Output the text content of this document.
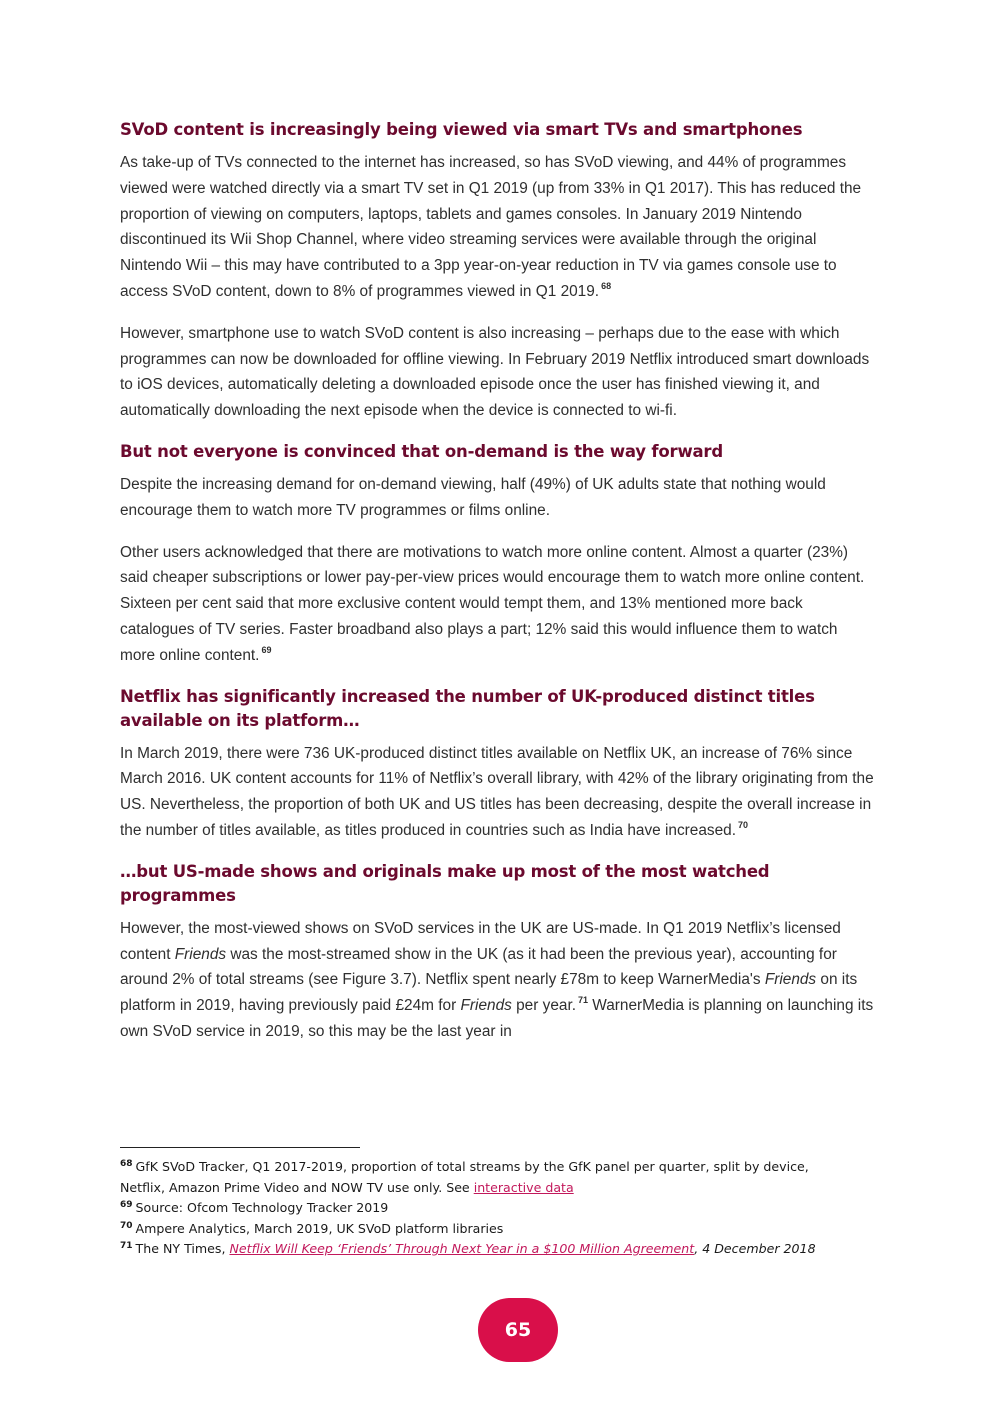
SVoD content is increasingly being viewed via smart TVs and smartphones

As take-up of TVs connected to the internet has increased, so has SVoD viewing, and 44% of programmes viewed were watched directly via a smart TV set in Q1 2019 (up from 33% in Q1 2017). This has reduced the proportion of viewing on computers, laptops, tablets and games consoles. In January 2019 Nintendo discontinued its Wii Shop Channel, where video streaming services were available through the original Nintendo Wii – this may have contributed to a 3pp year-on-year reduction in TV via games console use to access SVoD content, down to 8% of programmes viewed in Q1 2019. $^{68}$

However, smartphone use to watch SVoD content is also increasing – perhaps due to the ease with which programmes can now be downloaded for offline viewing. In February 2019 Netflix introduced smart downloads to iOS devices, automatically deleting a downloaded episode once the user has finished viewing it, and automatically downloading the next episode when the device is connected to wi-fi.

But not everyone is convinced that on-demand is the way forward

Despite the increasing demand for on-demand viewing, half (49%) of UK adults state that nothing would encourage them to watch more TV programmes or films online.

Other users acknowledged that there are motivations to watch more online content. Almost a quarter (23%) said cheaper subscriptions or lower pay-per-view prices would encourage them to watch more online content. Sixteen per cent said that more exclusive content would tempt them, and 13% mentioned more back catalogues of TV series. Faster broadband also plays a part; 12% said this would influence them to watch more online content. $^{69}$

Netflix has significantly increased the number of UK-produced distinct titles available on its platform…

In March 2019, there were 736 UK-produced distinct titles available on Netflix UK, an increase of 76% since March 2016. UK content accounts for 11% of Netflix’s overall library, with 42% of the library originating from the US. Nevertheless, the proportion of both UK and US titles has been decreasing, despite the overall increase in the number of titles available, as titles produced in countries such as India have increased. $^{70}$

…but US-made shows and originals make up most of the most watched programmes

However, the most-viewed shows on SVoD services in the UK are US-made. In Q1 2019 Netflix’s licensed content Friends was the most-streamed show in the UK (as it had been the previous year), accounting for around 2% of total streams (see Figure 3.7). Netflix spent nearly £78m to keep WarnerMedia's Friends on its platform in 2019, having previously paid £24m for Friends per year. $^{71}$ WarnerMedia is planning on launching its own SVoD service in 2019, so this may be the last year in

$^{68}$ GfK SVoD Tracker, Q1 2017-2019, proportion of total streams by the GfK panel per quarter, split by device,
Netflix, Amazon Prime Video and NOW TV use only. See interactive data
$^{69}$ Source: Ofcom Technology Tracker 2019
$^{70}$ Ampere Analytics, March 2019, UK SVoD platform libraries
$^{71}$ The NY Times, Netflix Will Keep ‘Friends’ Through Next Year in a $100 Million Agreement, 4 December 2018
65
